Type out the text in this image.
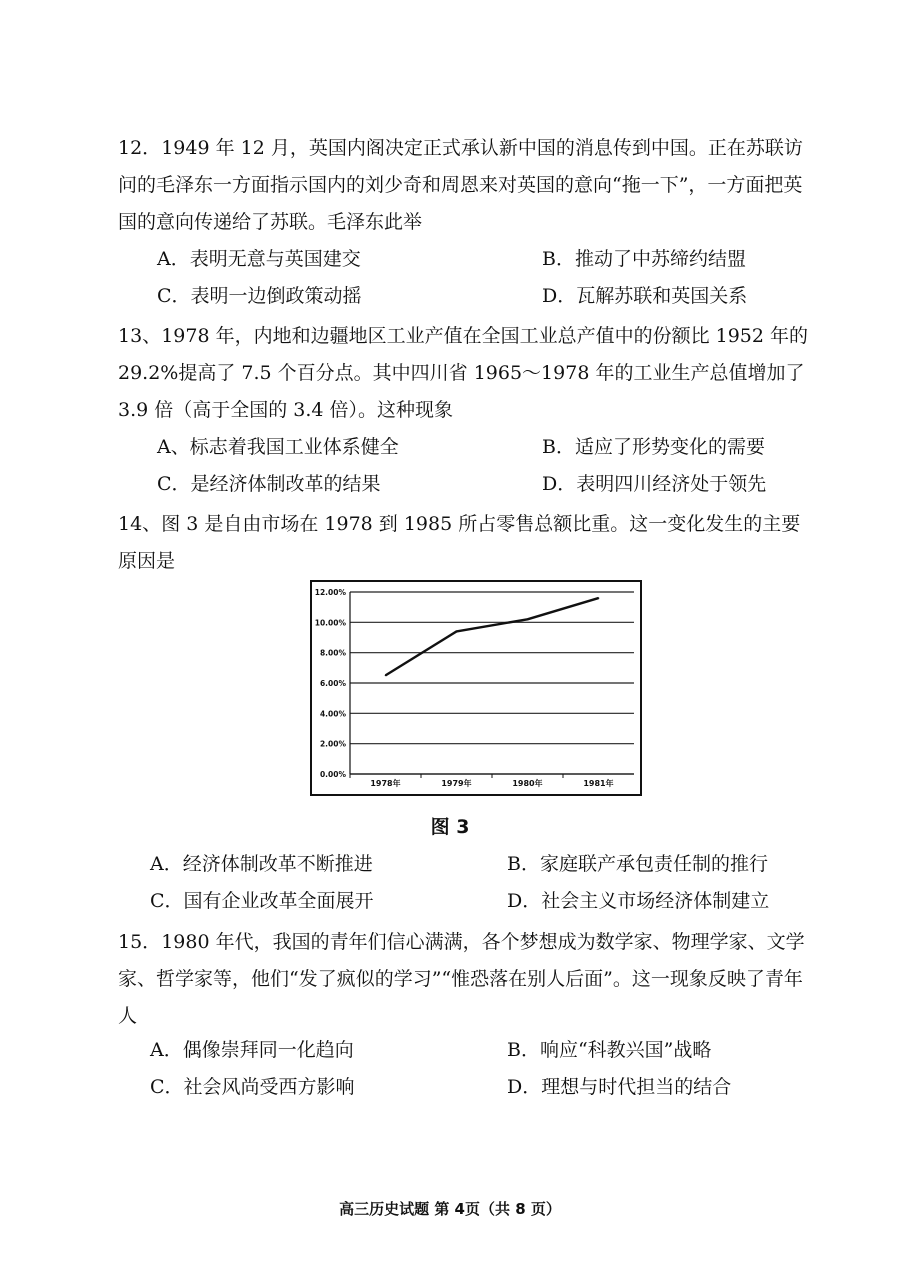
12．1949 年 12 月，英国内阁决定正式承认新中国的消息传到中国。正在苏联访问的毛泽东一方面指示国内的刘少奇和周恩来对英国的意向“拖一下”，一方面把英国的意向传递给了苏联。毛泽东此举
A．表明无意与英国建交	B．推动了中苏缔约结盟
C．表明一边倒政策动摇	D．瓦解苏联和英国关系
13、1978 年，内地和边疆地区工业产值在全国工业总产值中的份额比 1952 年的 29.2%提高了 7.5 个百分点。其中四川省 1965～1978 年的工业生产总值增加了 3.9 倍（高于全国的 3.4 倍）。这种现象
A、标志着我国工业体系健全	B．适应了形势变化的需要
C．是经济体制改革的结果	D．表明四川经济处于领先
14、图 3 是自由市场在 1978 到 1985 所占零售总额比重。这一变化发生的主要原因是
0.00%
2.00%
4.00%
6.00%
8.00%
10.00%
12.00%
1978年	1979年	1980年	1981年
图 3
A．经济体制改革不断推进	B．家庭联产承包责任制的推行
C．国有企业改革全面展开	D．社会主义市场经济体制建立
15．1980 年代，我国的青年们信心满满，各个梦想成为数学家、物理学家、文学家、哲学家等，他们“发了疯似的学习”“惟恐落在别人后面”。这一现象反映了青年人
A．偶像崇拜同一化趋向	B．响应“科教兴国”战略
C．社会风尚受西方影响	D．理想与时代担当的结合
高三历史试题 第 4页（共 8 页）
